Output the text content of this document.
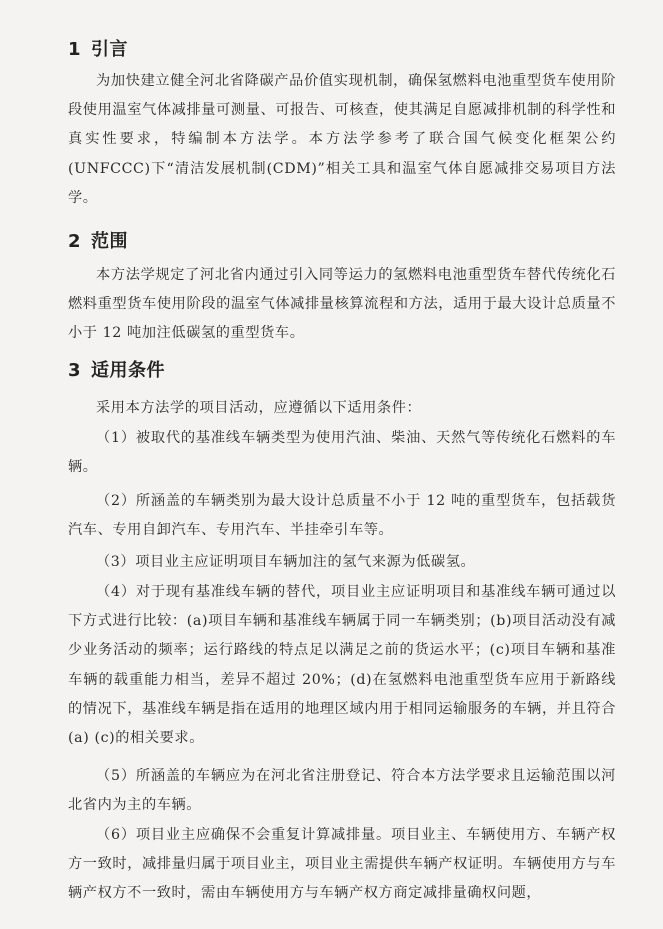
1 引言

为加快建立健全河北省降碳产品价值实现机制，确保氢燃料电池重型货车使用阶段使用温室气体减排量可测量、可报告、可核查，使其满足自愿减排机制的科学性和真实性要求，特编制本方法学。本方法学参考了联合国气候变化框架公约(UNFCCC)下“清洁发展机制(CDM)”相关工具和温室气体自愿减排交易项目方法学。

2 范围

本方法学规定了河北省内通过引入同等运力的氢燃料电池重型货车替代传统化石燃料重型货车使用阶段的温室气体减排量核算流程和方法，适用于最大设计总质量不小于 12 吨加注低碳氢的重型货车。

3 适用条件

采用本方法学的项目活动，应遵循以下适用条件：

（1）被取代的基准线车辆类型为使用汽油、柴油、天然气等传统化石燃料的车辆。

（2）所涵盖的车辆类别为最大设计总质量不小于 12 吨的重型货车，包括载货汽车、专用自卸汽车、专用汽车、半挂牵引车等。

（3）项目业主应证明项目车辆加注的氢气来源为低碳氢。

（4）对于现有基准线车辆的替代，项目业主应证明项目和基准线车辆可通过以下方式进行比较：(a)项目车辆和基准线车辆属于同一车辆类别；(b)项目活动没有减少业务活动的频率；运行路线的特点足以满足之前的货运水平；(c)项目车辆和基准车辆的载重能力相当，差异不超过 20%；(d)在氢燃料电池重型货车应用于新路线的情况下，基准线车辆是指在适用的地理区域内用于相同运输服务的车辆，并且符合(a) (c)的相关要求。

（5）所涵盖的车辆应为在河北省注册登记、符合本方法学要求且运输范围以河北省内为主的车辆。

（6）项目业主应确保不会重复计算减排量。项目业主、车辆使用方、车辆产权方一致时，减排量归属于项目业主，项目业主需提供车辆产权证明。车辆使用方与车辆产权方不一致时，需由车辆使用方与车辆产权方商定减排量确权问题，
